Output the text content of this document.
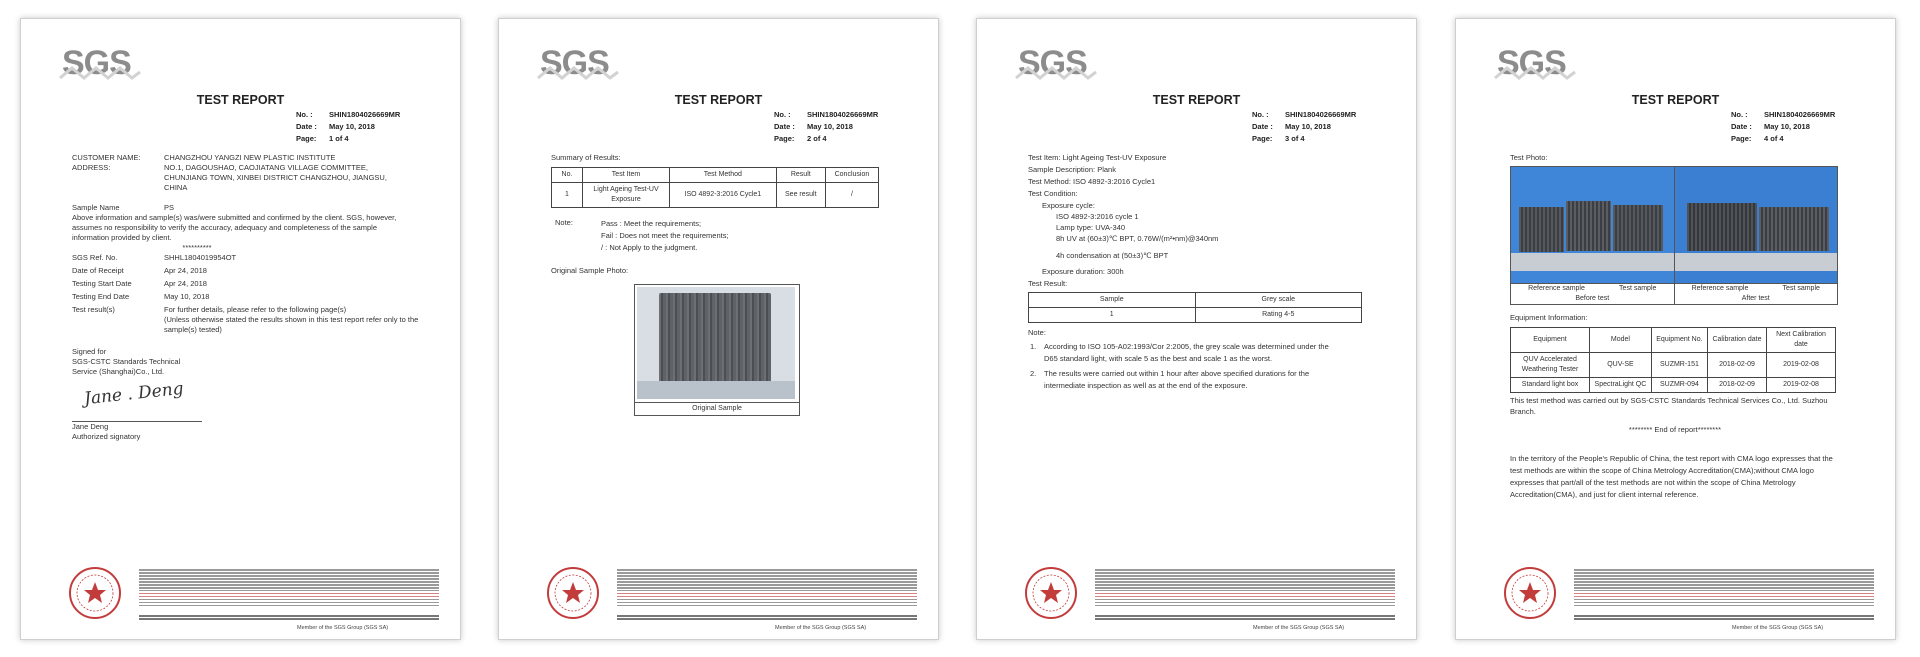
SGS
TEST REPORT
No. : SHIN1804026669MR
Date : May 10, 2018
Page: 1 of 4
CUSTOMER NAME:	CHANGZHOU YANGZI NEW PLASTIC INSTITUTE
ADDRESS:	NO.1, DAGOUSHAO, CAOJIATANG VILLAGE COMMITTEE, CHUNJIANG TOWN, XINBEI DISTRICT CHANGZHOU, JIANGSU, CHINA
Sample Name	PS
Above information and sample(s) was/were submitted and confirmed by the client. SGS, however, assumes no responsibility to verify the accuracy, adequacy and completeness of the sample information provided by client.
**********
SGS Ref. No.	SHHL1804019954OT
Date of Receipt	Apr 24, 2018
Testing Start Date	Apr 24, 2018
Testing End Date	May 10, 2018
Test result(s)	For further details, please refer to the following page(s)
(Unless otherwise stated the results shown in this test report refer only to the sample(s) tested)
Signed for
SGS-CSTC Standards Technical Service (Shanghai)Co., Ltd.
Jane . Deng
Jane Deng
Authorized signatory
Member of the SGS Group (SGS SA)
SGS
TEST REPORT
No. : SHIN1804026669MR
Date : May 10, 2018
Page: 2 of 4
Summary of Results:
No.	Test Item	Test Method	Result	Conclusion
1	Light Ageing Test-UV Exposure	ISO 4892-3:2016 Cycle1	See result	/
Note:	Pass : Meet the requirements;
Fail : Does not meet the requirements;
/ : Not Apply to the judgment.
Original Sample Photo:
Original Sample
Member of the SGS Group (SGS SA)
SGS
TEST REPORT
No. : SHIN1804026669MR
Date : May 10, 2018
Page: 3 of 4
Test Item: Light Ageing Test-UV Exposure
Sample Description: Plank
Test Method: ISO 4892-3:2016 Cycle1
Test Condition:
Exposure cycle:
ISO 4892-3:2016 cycle 1
Lamp type: UVA-340
8h UV at (60±3)℃ BPT, 0.76W/(m²•nm)@340nm
4h condensation at (50±3)℃ BPT
Exposure duration: 300h
Test Result:
Sample	Grey scale
1	Rating 4-5
Note:
1.	According to ISO 105-A02:1993/Cor 2:2005, the grey scale was determined under the D65 standard light, with scale 5 as the best and scale 1 as the worst.
2.	The results were carried out within 1 hour after above specified durations for the intermediate inspection as well as at the end of the exposure.
Member of the SGS Group (SGS SA)
SGS
TEST REPORT
No. : SHIN1804026669MR
Date : May 10, 2018
Page: 4 of 4
Test Photo:
Reference sample	Test sample
Before test
Reference sample	Test sample
After test
Equipment Information:
Equipment	Model	Equipment No.	Calibration date	Next Calibration date
QUV Accelerated Weathering Tester	QUV-SE	SUZMR-151	2018-02-09	2019-02-08
Standard light box	SpectraLight QC	SUZMR-094	2018-02-09	2019-02-08
This test method was carried out by SGS-CSTC Standards Technical Services Co., Ltd. Suzhou Branch.
******** End of report********
In the territory of the People's Republic of China, the test report with CMA logo expresses that the test methods are within the scope of China Metrology Accreditation(CMA);without CMA logo expresses that part/all of the test methods are not within the scope of China Metrology Accreditation(CMA), and just for client internal reference.
Member of the SGS Group (SGS SA)
